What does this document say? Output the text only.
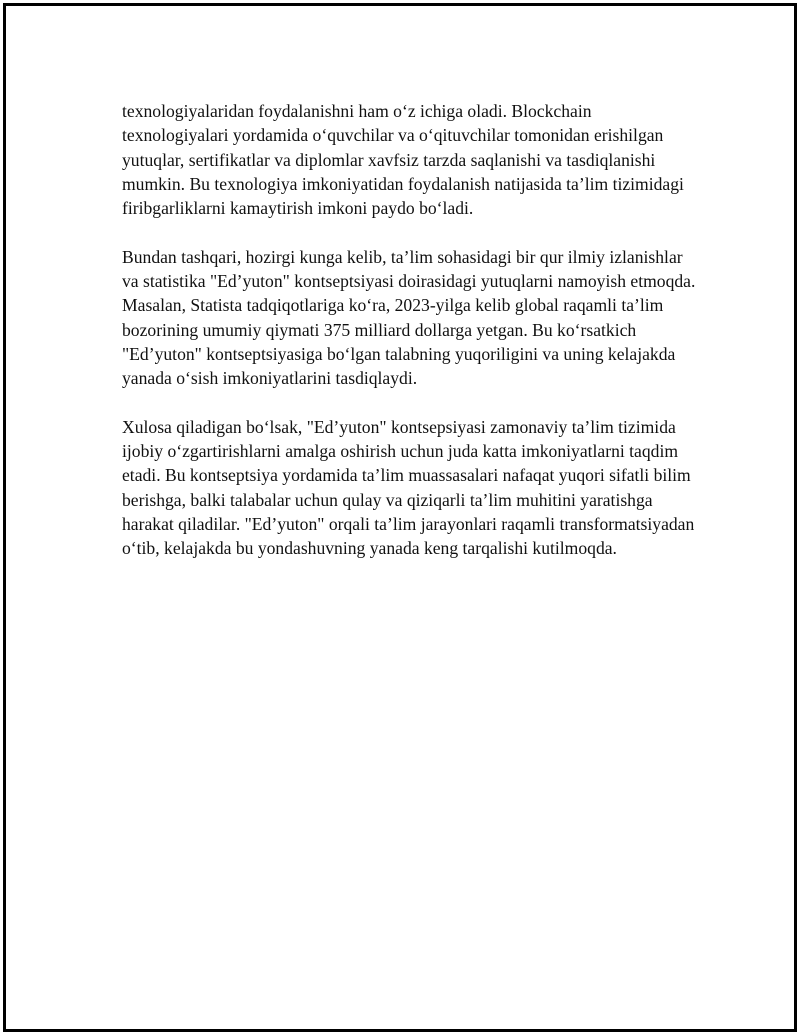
texnologiyalaridan foydalanishni ham oʻz ichiga oladi. Blockchain texnologiyalari yordamida oʻquvchilar va oʻqituvchilar tomonidan erishilgan yutuqlar, sertifikatlar va diplomlar xavfsiz tarzda saqlanishi va tasdiqlanishi mumkin. Bu texnologiya imkoniyatidan foydalanish natijasida ta’lim tizimidagi firibgarliklarni kamaytirish imkoni paydo boʻladi.

Bundan tashqari, hozirgi kunga kelib, ta’lim sohasidagi bir qur ilmiy izlanishlar va statistika "Ed’yuton" kontseptsiyasi doirasidagi yutuqlarni namoyish etmoqda. Masalan, Statista tadqiqotlariga koʻra, 2023-yilga kelib global raqamli ta’lim bozorining umumiy qiymati 375 milliard dollarga yetgan. Bu koʻrsatkich "Ed’yuton" kontseptsiyasiga boʻlgan talabning yuqoriligini va uning kelajakda yanada oʻsish imkoniyatlarini tasdiqlaydi.

Xulosa qiladigan boʻlsak, "Ed’yuton" kontsepsiyasi zamonaviy ta’lim tizimida ijobiy oʻzgartirishlarni amalga oshirish uchun juda katta imkoniyatlarni taqdim etadi. Bu kontseptsiya yordamida ta’lim muassasalari nafaqat yuqori sifatli bilim berishga, balki talabalar uchun qulay va qiziqarli ta’lim muhitini yaratishga harakat qiladilar. "Ed’yuton" orqali ta’lim jarayonlari raqamli transformatsiyadan oʻtib, kelajakda bu yondashuvning yanada keng tarqalishi kutilmoqda.
